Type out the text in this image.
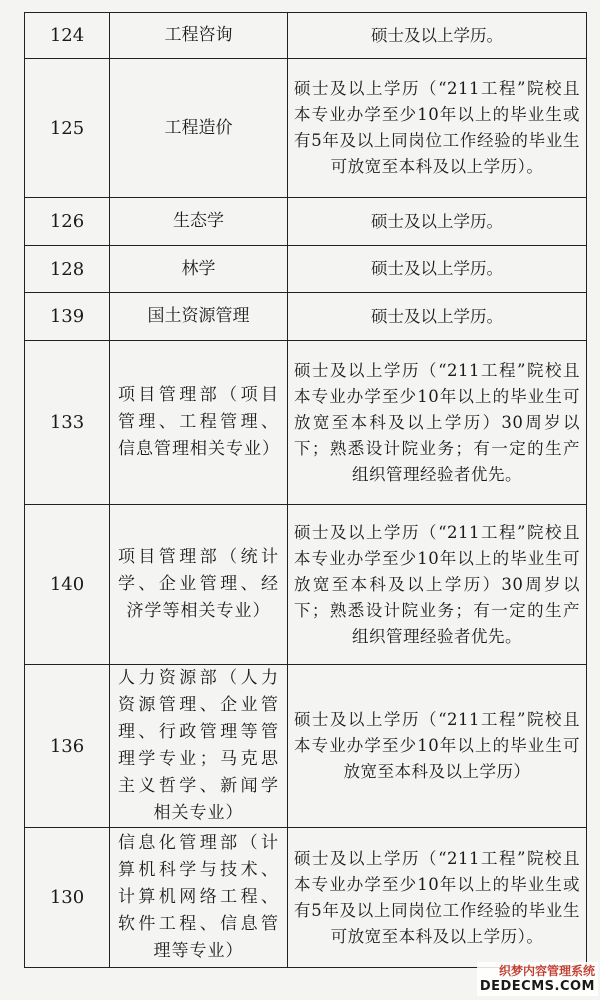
124	工程咨询	硕士及以上学历。
125	工程造价	硕士及以上学历（“211工程”院校且本专业办学至少10年以上的毕业生或有5年及以上同岗位工作经验的毕业生可放宽至本科及以上学历）。
126	生态学	硕士及以上学历。
128	林学	硕士及以上学历。
139	国土资源管理	硕士及以上学历。
133	项目管理部（项目管理、工程管理、信息管理相关专业）	硕士及以上学历（“211工程”院校且本专业办学至少10年以上的毕业生可放宽至本科及以上学历）30周岁以下；熟悉设计院业务；有一定的生产组织管理经验者优先。
140	项目管理部（统计学、企业管理、经济学等相关专业）	硕士及以上学历（“211工程”院校且本专业办学至少10年以上的毕业生可放宽至本科及以上学历）30周岁以下；熟悉设计院业务；有一定的生产组织管理经验者优先。
136	人力资源部（人力资源管理、企业管理、行政管理等管理学专业；马克思主义哲学、新闻学相关专业）	硕士及以上学历（“211工程”院校且本专业办学至少10年以上的毕业生可放宽至本科及以上学历）
130	信息化管理部（计算机科学与技术、计算机网络工程、软件工程、信息管理等专业）	硕士及以上学历（“211工程”院校且本专业办学至少10年以上的毕业生或有5年及以上同岗位工作经验的毕业生可放宽至本科及以上学历）。
织梦内容管理系统
DEDECMS.COM
